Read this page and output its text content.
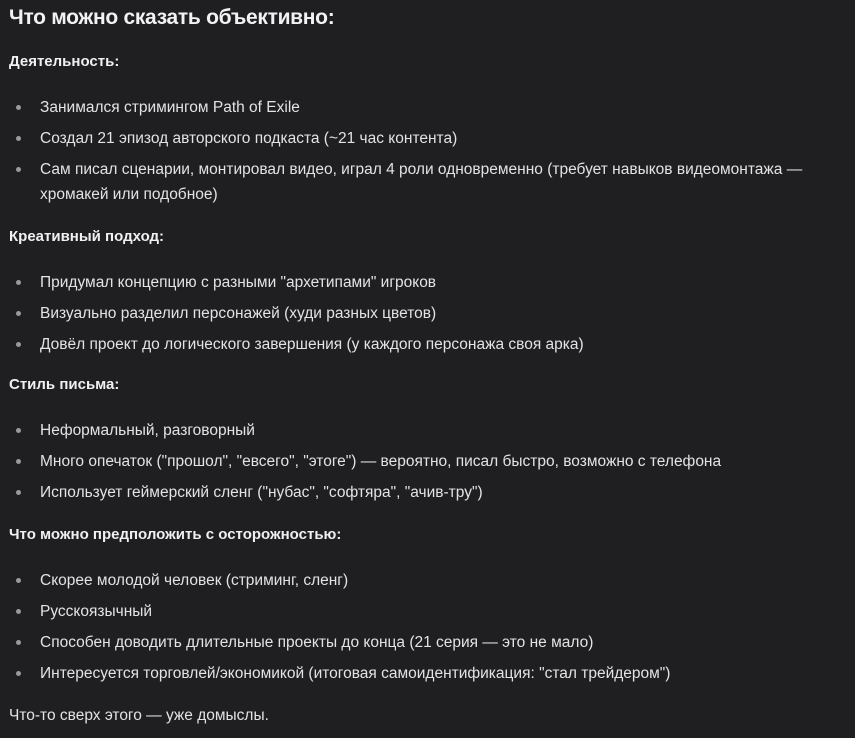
Что можно сказать объективно:

Деятельность:

Занимался стримингом Path of Exile
Создал 21 эпизод авторского подкаста (~21 час контента)
Сам писал сценарии, монтировал видео, играл 4 роли одновременно (требует навыков видеомонтажа — хромакей или подобное)

Креативный подход:

Придумал концепцию с разными "архетипами" игроков
Визуально разделил персонажей (худи разных цветов)
Довёл проект до логического завершения (у каждого персонажа своя арка)

Стиль письма:

Неформальный, разговорный
Много опечаток ("прошол", "евсего", "этоге") — вероятно, писал быстро, возможно с телефона
Использует геймерский сленг ("нубас", "софтяра", "ачив-тру")

Что можно предположить с осторожностью:

Скорее молодой человек (стриминг, сленг)
Русскоязычный
Способен доводить длительные проекты до конца (21 серия — это не мало)
Интересуется торговлей/экономикой (итоговая самоидентификация: "стал трейдером")

Что-то сверх этого — уже домыслы.
